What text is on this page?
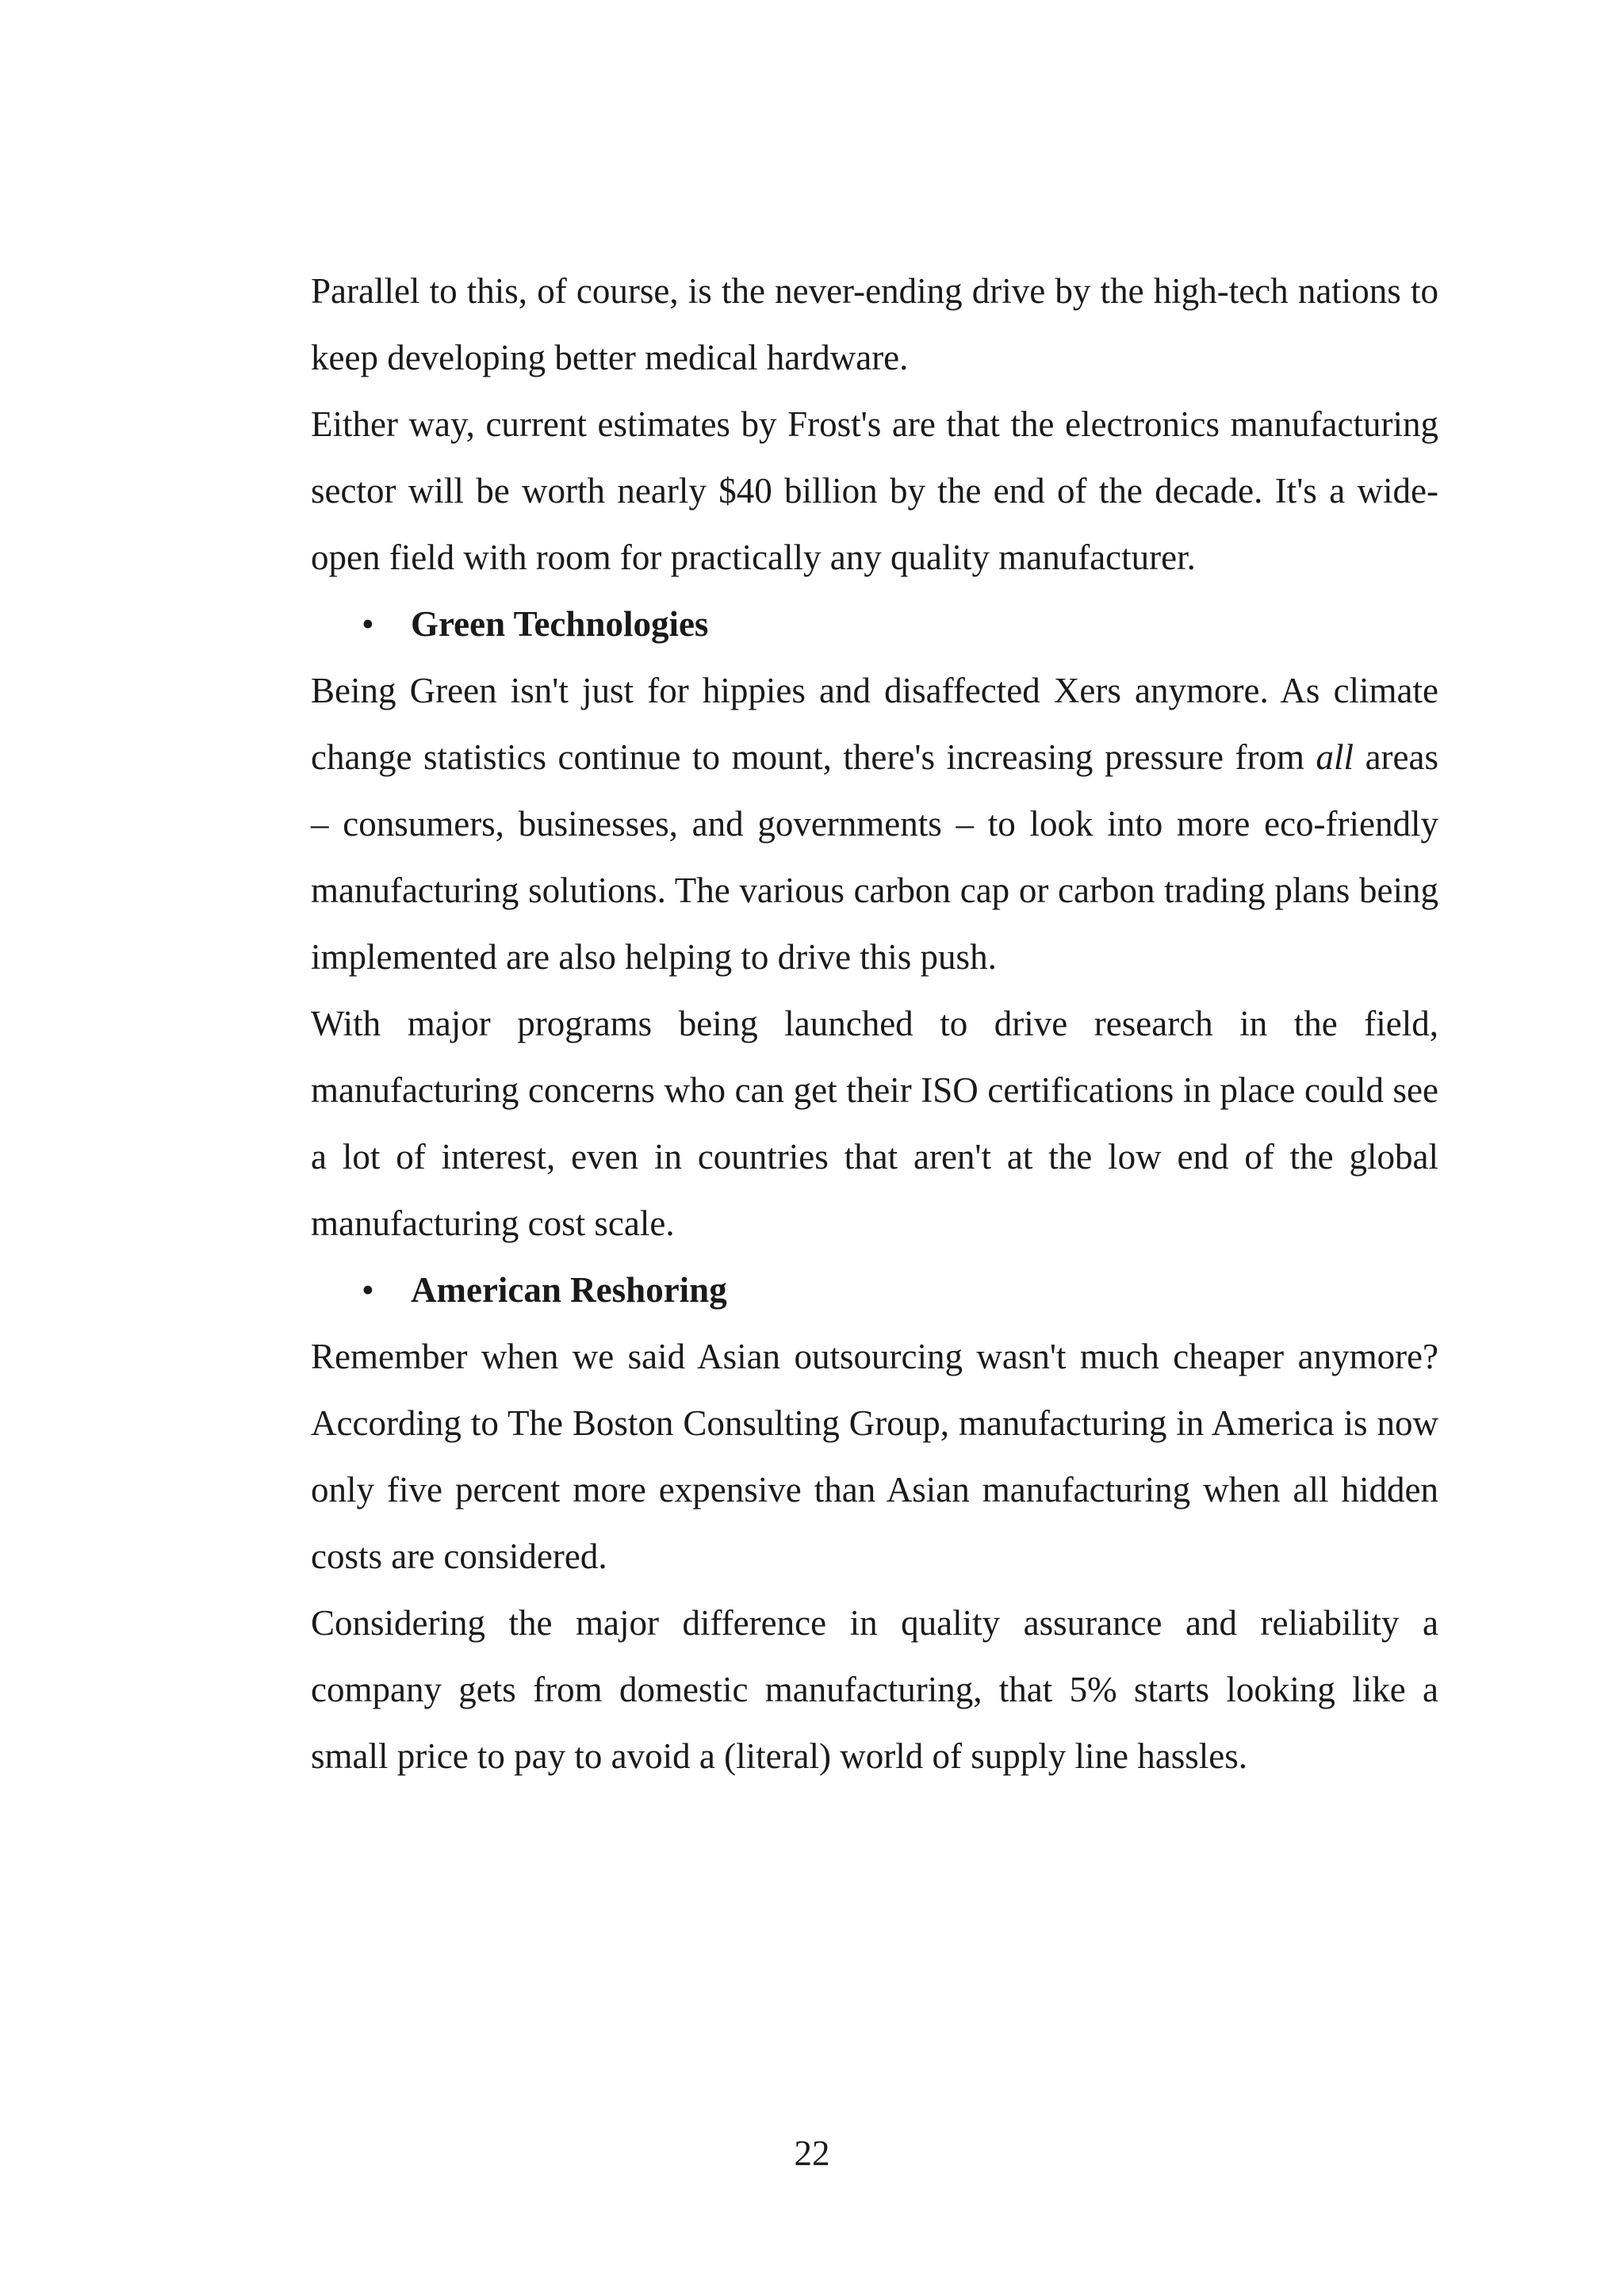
Parallel to this, of course, is the never-ending drive by the high-tech nations to keep developing better medical hardware.

Either way, current estimates by Frost's are that the electronics manufacturing sector will be worth nearly $40 billion by the end of the decade. It's a wide-open field with room for practically any quality manufacturer.

•	Green Technologies

Being Green isn't just for hippies and disaffected Xers anymore. As climate change statistics continue to mount, there's increasing pressure from all areas – consumers, businesses, and governments – to look into more eco-friendly manufacturing solutions. The various carbon cap or carbon trading plans being implemented are also helping to drive this push.

With major programs being launched to drive research in the field, manufacturing concerns who can get their ISO certifications in place could see a lot of interest, even in countries that aren't at the low end of the global manufacturing cost scale.

•	American Reshoring

Remember when we said Asian outsourcing wasn't much cheaper anymore? According to The Boston Consulting Group, manufacturing in America is now only five percent more expensive than Asian manufacturing when all hidden costs are considered.

Considering the major difference in quality assurance and reliability a company gets from domestic manufacturing, that 5% starts looking like a small price to pay to avoid a (literal) world of supply line hassles.

22
